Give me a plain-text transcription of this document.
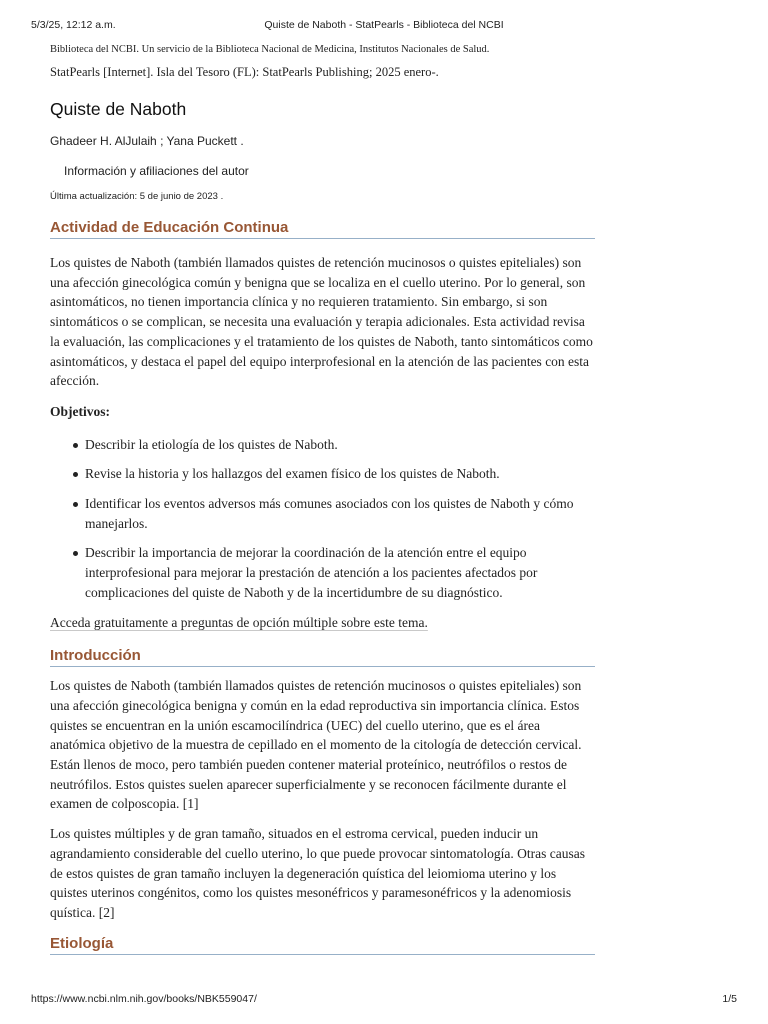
5/3/25, 12:12 a.m.	Quiste de Naboth - StatPearls - Biblioteca del NCBI

Biblioteca del NCBI. Un servicio de la Biblioteca Nacional de Medicina, Institutos Nacionales de Salud.

StatPearls [Internet]. Isla del Tesoro (FL): StatPearls Publishing; 2025 enero-.

Quiste de Naboth

Ghadeer H. AlJulaih ; Yana Puckett .

Información y afiliaciones del autor

Última actualización: 5 de junio de 2023 .

Actividad de Educación Continua

Los quistes de Naboth (también llamados quistes de retención mucinosos o quistes epiteliales) son una afección ginecológica común y benigna que se localiza en el cuello uterino. Por lo general, son asintomáticos, no tienen importancia clínica y no requieren tratamiento. Sin embargo, si son sintomáticos o se complican, se necesita una evaluación y terapia adicionales. Esta actividad revisa la evaluación, las complicaciones y el tratamiento de los quistes de Naboth, tanto sintomáticos como asintomáticos, y destaca el papel del equipo interprofesional en la atención de las pacientes con esta afección.

Objetivos:

Describir la etiología de los quistes de Naboth.
Revise la historia y los hallazgos del examen físico de los quistes de Naboth.
Identificar los eventos adversos más comunes asociados con los quistes de Naboth y cómo manejarlos.
Describir la importancia de mejorar la coordinación de la atención entre el equipo interprofesional para mejorar la prestación de atención a los pacientes afectados por complicaciones del quiste de Naboth y de la incertidumbre de su diagnóstico.

Acceda gratuitamente a preguntas de opción múltiple sobre este tema.

Introducción

Los quistes de Naboth (también llamados quistes de retención mucinosos o quistes epiteliales) son una afección ginecológica benigna y común en la edad reproductiva sin importancia clínica. Estos quistes se encuentran en la unión escamocilíndrica (UEC) del cuello uterino, que es el área anatómica objetivo de la muestra de cepillado en el momento de la citología de detección cervical. Están llenos de moco, pero también pueden contener material proteínico, neutrófilos o restos de neutrófilos. Estos quistes suelen aparecer superficialmente y se reconocen fácilmente durante el examen de colposcopia. [1]

Los quistes múltiples y de gran tamaño, situados en el estroma cervical, pueden inducir un agrandamiento considerable del cuello uterino, lo que puede provocar sintomatología. Otras causas de estos quistes de gran tamaño incluyen la degeneración quística del leiomioma uterino y los quistes uterinos congénitos, como los quistes mesonéfricos y paramesonéfricos y la adenomiosis quística. [2]

Etiología
https://www.ncbi.nlm.nih.gov/books/NBK559047/	1/5
